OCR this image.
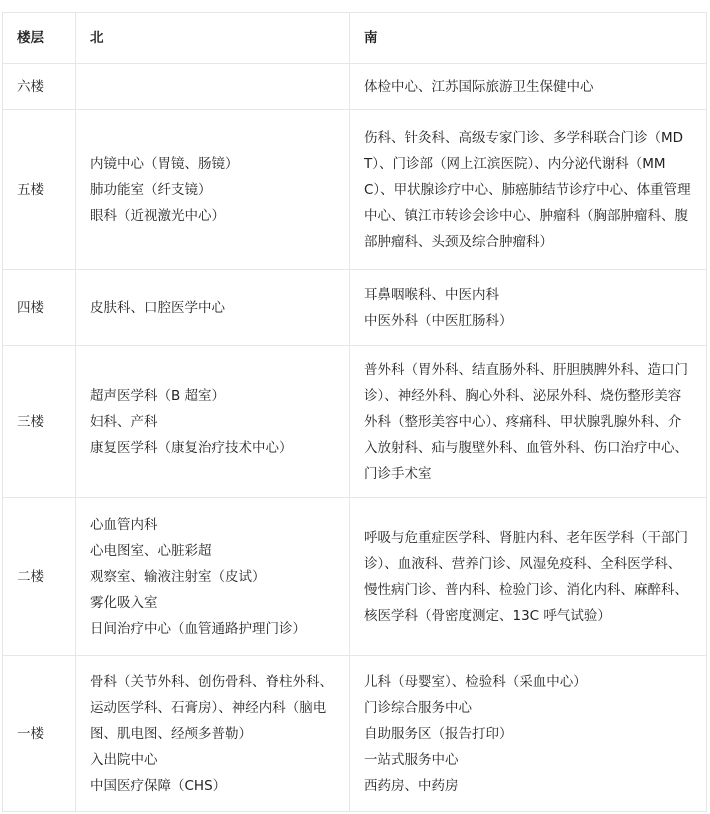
楼层	北	南
六楼		体检中心、江苏国际旅游卫生保健中心

五楼	内镜中心（胃镜、肠镜）
肺功能室（纤支镜）
眼科（近视激光中心）	伤科、针灸科、高级专家门诊、多学科联合门诊（MDT）、门诊部（网上江滨医院）、内分泌代谢科（MMC）、甲状腺诊疗中心、肺癌肺结节诊疗中心、体重管理中心、镇江市转诊会诊中心、肿瘤科（胸部肿瘤科、腹部肿瘤科、头颈及综合肿瘤科）

四楼	皮肤科、口腔医学中心	耳鼻咽喉科、中医内科
中医外科（中医肛肠科）

三楼	超声医学科（B 超室）
妇科、产科
康复医学科（康复治疗技术中心）	普外科（胃外科、结直肠外科、肝胆胰脾外科、造口门诊）、神经外科、胸心外科、泌尿外科、烧伤整形美容外科（整形美容中心）、疼痛科、甲状腺乳腺外科、介入放射科、疝与腹壁外科、血管外科、伤口治疗中心、门诊手术室

二楼	心血管内科
心电图室、心脏彩超
观察室、输液注射室（皮试）
雾化吸入室
日间治疗中心（血管通路护理门诊）	呼吸与危重症医学科、肾脏内科、老年医学科（干部门诊）、血液科、营养门诊、风湿免疫科、全科医学科、慢性病门诊、普内科、检验门诊、消化内科、麻醉科、核医学科（骨密度测定、13C 呼气试验）

一楼	骨科（关节外科、创伤骨科、脊柱外科、运动医学科、石膏房）、神经内科（脑电图、肌电图、经颅多普勒）
入出院中心
中国医疗保障（CHS）	儿科（母婴室）、检验科（采血中心）
门诊综合服务中心
自助服务区（报告打印）
一站式服务中心
西药房、中药房
